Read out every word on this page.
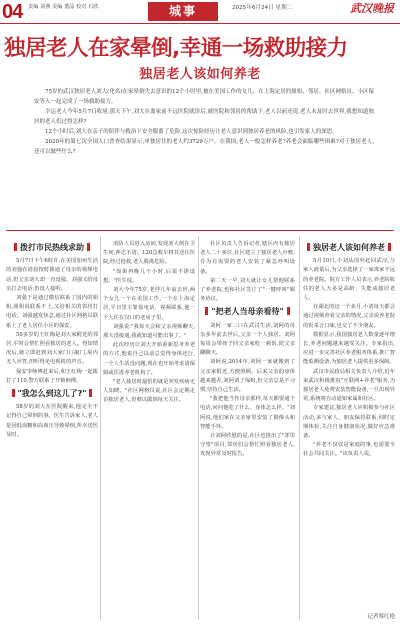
04 责编 刘燕 美编 董晶 校对 石欣	城事	2025年6月24日 星期二	武汉晚报
独居老人在家晕倒,幸通一场救助接力
独居老人该如何养老

75岁的武汉独居老人刘大(化名)在家晕倒失去意识的12个小时里,被在美国工作的女儿、在上海定居的姐姐、邻居、社区网格员、小区保安等人一起完成了一场救助接力。

幸运老人今年5月7日收尾,那天下午,刘大在离家前不远医院就诊后,被医院和邻居的帮助下,老人以前还说,老人未及时去世界,我想知道独居的老人们过得怎样?

12个小时后,刘大在亲子的陪伴与救治下安全脱离了危险,这次惊险经历让老人意识到独居养老的风险,也引发家人的深思。

2020年的第七次全国人口普查结果显示,单独居住的老人约3729万户。在我国,老人一般怎样养老?养老会面临哪些困难?对于独居老人,还可以做些什么?

拨打市民热线求助

5月7日下午6时许,在美国加州生活的刘强在清晨按时拨通了母亲的视频电话,但父亲刘大却一直没接。刘强又给母亲打去电话,仍没人接听。

刘强于是通过微信联系了国内的姐姐,姐姐说联系不上,又给相关的邻居打电话。刘强越发焦急,通过社区网格员联系上了老人居住小区的保安。

50多岁的王红梅是刘大家附近的邻居,平时会帮忙照看独居的老人。得知情况后,她立即赶到刘大家门口敲门,屋内无人应答,但听得见电视机的声音。

保安李师傅赶来后,和王红梅一起拨打了110,警方联系了开锁师傅。

"我怎么到这儿了?"

58岁的刘大在医院醒来,他完全不记得自己晕倒的事。医生告诉家人,老人是因低血糖和高血压导致晕倒,所幸送医及时。

消防人员进入房间,发现刘大倒在卫生间,神志不清。120急救车将其送往医院,经过抢救,老人脱离危险。

"如果再晚几个小时,后果不堪设想。"医生说。

刘大今年75岁,老伴几年前去世,两个女儿一个在美国工作,一个在上海定居,平日里主要靠电话、视频联系,他一个人住在汉口的老房子里。

刘强说:"我每天会和父亲视频聊天,那天没接通,我就知道可能出事了。"

此次经历让刘大开始重新思考养老的方式,他说自己以前总觉得身体还行,一个人生活没问题,现在也开始考虑请保姆或住进养老机构了。

"老人独居时最怕的就是突发疾病无人知晓。"社区网格员说,社区会定期走访独居老人,但难以做到每天关注。

社区负责人告诉记者,辖区内有独居老人二十多位,社区建立了独居老人台账,并为有需要的老人安装了紧急呼叫设备。

第二天一早,刘大就让女儿帮他联系了养老院,也和社区签订了"一键呼叫"服务协议。

"把老人当母亲看待"

刘阿一家三口在武汉生活,刘阿的母亲多年前去世后,父亲一个人独居。刘阿每周会带孩子回父亲家吃一顿饭,陪父亲聊聊天。

刘阿说,2014年,刘阿一家就搬到了父亲家附近,方便照顾。后来父亲的身体越来越差,刘阿请了保姆,但父亲总是不习惯,坚持自己生活。

"我把他当作母亲那样,每天都要通个电话,问问他吃了什么、身体怎么样。"刘阿说,他们家在父亲家里安装了摄像头和智能手环。

让刘阿欣慰的是,社区也推出了"邻里守望"项目,邻居们会帮忙照看独居老人,发现异常及时报告。

独居老人该如何养老

5月10日,小刘从国外赶回武汉,与家人商量后,为父亲选择了一家离家不远的养老院。院方工作人员表示,养老院收住的老人大多是高龄、失能或独居老人。

在湖北的这一个多月,小刘每天都会通过视频查看父亲的情况,父亲说养老院的饭菜合口味,也交了不少朋友。

数据显示,我国独居老人数量逐年增长,养老问题越来越受关注。专家指出,应进一步完善社区养老服务体系,推广智能监测设备,为独居老人提供更多保障。

武汉市民政局相关负责人介绍,近年来武汉积极推进"互联网+养老"服务,为独居老人免费安装智能设备,一旦出现异常,系统将自动通知家属和社区。

专家建议,独居老人应积极参与社区活动,多与家人、朋友保持联系,同时定期体检,关注自身健康状况,做好应急准备。

"养老不仅仅是家庭的事,也需要全社会共同关注。"该负责人说。

记者蔡红艳
